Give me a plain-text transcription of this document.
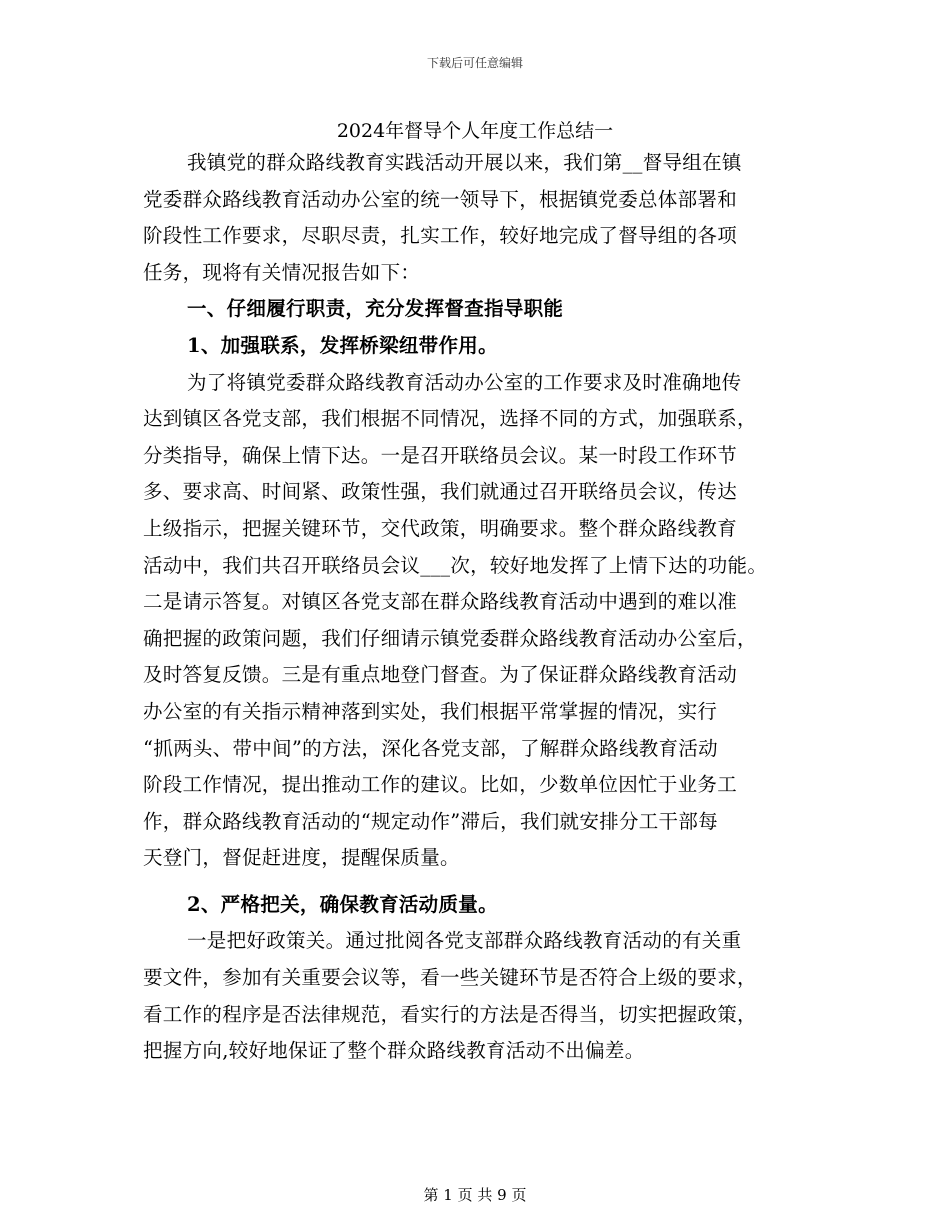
下载后可任意编辑
2024年督导个人年度工作总结一
我镇党的群众路线教育实践活动开展以来，我们第__督导组在镇
党委群众路线教育活动办公室的统一领导下，根据镇党委总体部署和
阶段性工作要求，尽职尽责，扎实工作，较好地完成了督导组的各项
任务，现将有关情况报告如下：
一、仔细履行职责，充分发挥督查指导职能
1、加强联系，发挥桥梁纽带作用。
为了将镇党委群众路线教育活动办公室的工作要求及时准确地传
达到镇区各党支部，我们根据不同情况，选择不同的方式，加强联系，
分类指导，确保上情下达。一是召开联络员会议。某一时段工作环节
多、要求高、时间紧、政策性强，我们就通过召开联络员会议，传达
上级指示，把握关键环节，交代政策，明确要求。整个群众路线教育
活动中，我们共召开联络员会议___次，较好地发挥了上情下达的功能。
二是请示答复。对镇区各党支部在群众路线教育活动中遇到的难以准
确把握的政策问题，我们仔细请示镇党委群众路线教育活动办公室后，
及时答复反馈。三是有重点地登门督查。为了保证群众路线教育活动
办公室的有关指示精神落到实处，我们根据平常掌握的情况，实行
“抓两头、带中间”的方法，深化各党支部，了解群众路线教育活动
阶段工作情况，提出推动工作的建议。比如，少数单位因忙于业务工
作，群众路线教育活动的“规定动作”滞后，我们就安排分工干部每
天登门，督促赶进度，提醒保质量。
2、严格把关，确保教育活动质量。
一是把好政策关。通过批阅各党支部群众路线教育活动的有关重
要文件，参加有关重要会议等，看一些关键环节是否符合上级的要求，
看工作的程序是否法律规范，看实行的方法是否得当，切实把握政策，
把握方向,较好地保证了整个群众路线教育活动不出偏差。
第 1 页 共 9 页
